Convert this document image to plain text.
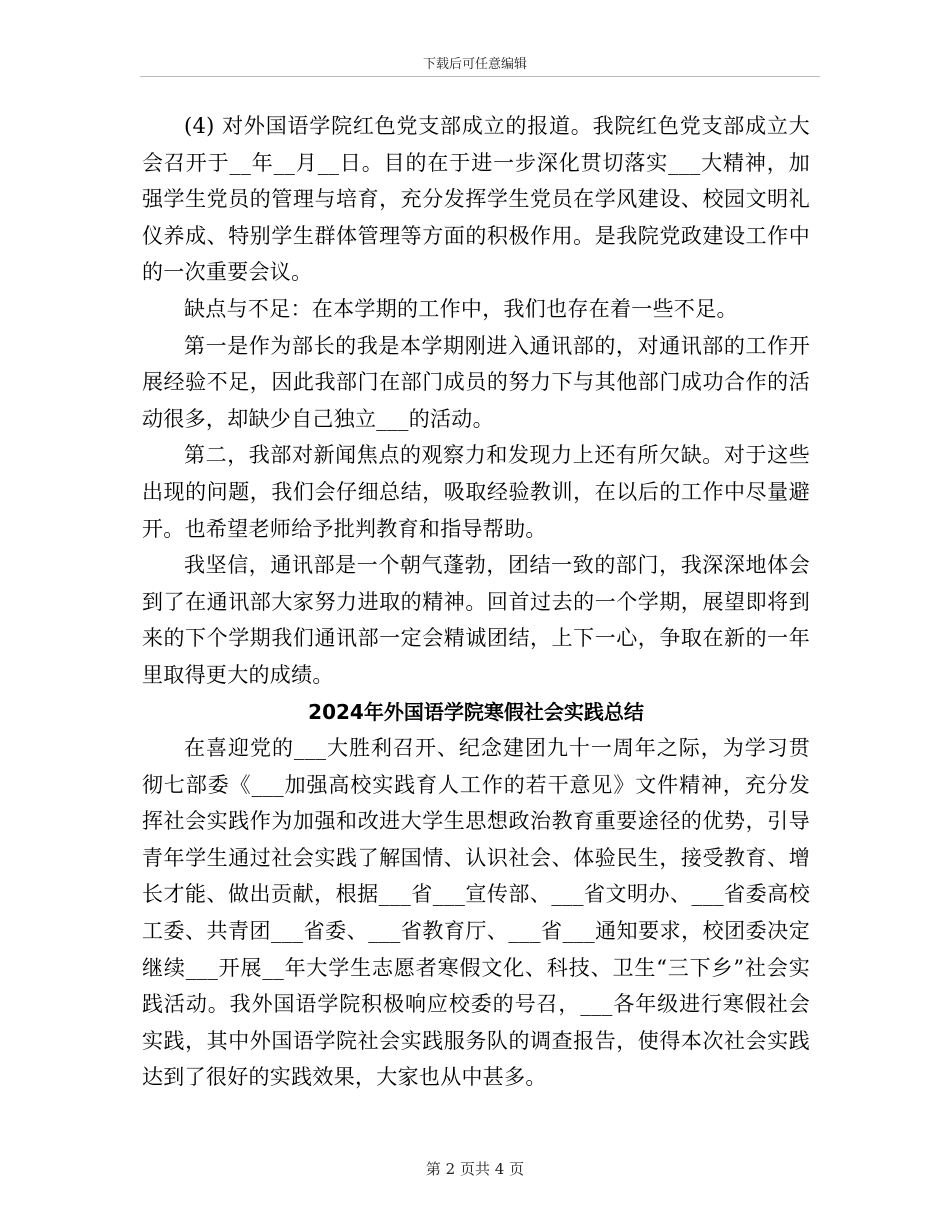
下载后可任意编辑

(4) 对外国语学院红色党支部成立的报道。我院红色党支部成立大会召开于__年__月__日。目的在于进一步深化贯切落实___大精神，加强学生党员的管理与培育，充分发挥学生党员在学风建设、校园文明礼仪养成、特别学生群体管理等方面的积极作用。是我院党政建设工作中的一次重要会议。

缺点与不足：在本学期的工作中，我们也存在着一些不足。

第一是作为部长的我是本学期刚进入通讯部的，对通讯部的工作开展经验不足，因此我部门在部门成员的努力下与其他部门成功合作的活动很多，却缺少自己独立___的活动。

第二，我部对新闻焦点的观察力和发现力上还有所欠缺。对于这些出现的问题，我们会仔细总结，吸取经验教训，在以后的工作中尽量避开。也希望老师给予批判教育和指导帮助。

我坚信，通讯部是一个朝气蓬勃，团结一致的部门，我深深地体会到了在通讯部大家努力进取的精神。回首过去的一个学期，展望即将到来的下个学期我们通讯部一定会精诚团结，上下一心，争取在新的一年里取得更大的成绩。

2024年外国语学院寒假社会实践总结

在喜迎党的___大胜利召开、纪念建团九十一周年之际，为学习贯彻七部委《___加强高校实践育人工作的若干意见》文件精神，充分发挥社会实践作为加强和改进大学生思想政治教育重要途径的优势，引导青年学生通过社会实践了解国情、认识社会、体验民生，接受教育、增长才能、做出贡献，根据___省___宣传部、___省文明办、___省委高校工委、共青团___省委、___省教育厅、___省___通知要求，校团委决定继续___开展__年大学生志愿者寒假文化、科技、卫生“三下乡”社会实践活动。我外国语学院积极响应校委的号召，___各年级进行寒假社会实践，其中外国语学院社会实践服务队的调查报告，使得本次社会实践达到了很好的实践效果，大家也从中甚多。

第 2 页共 4 页
